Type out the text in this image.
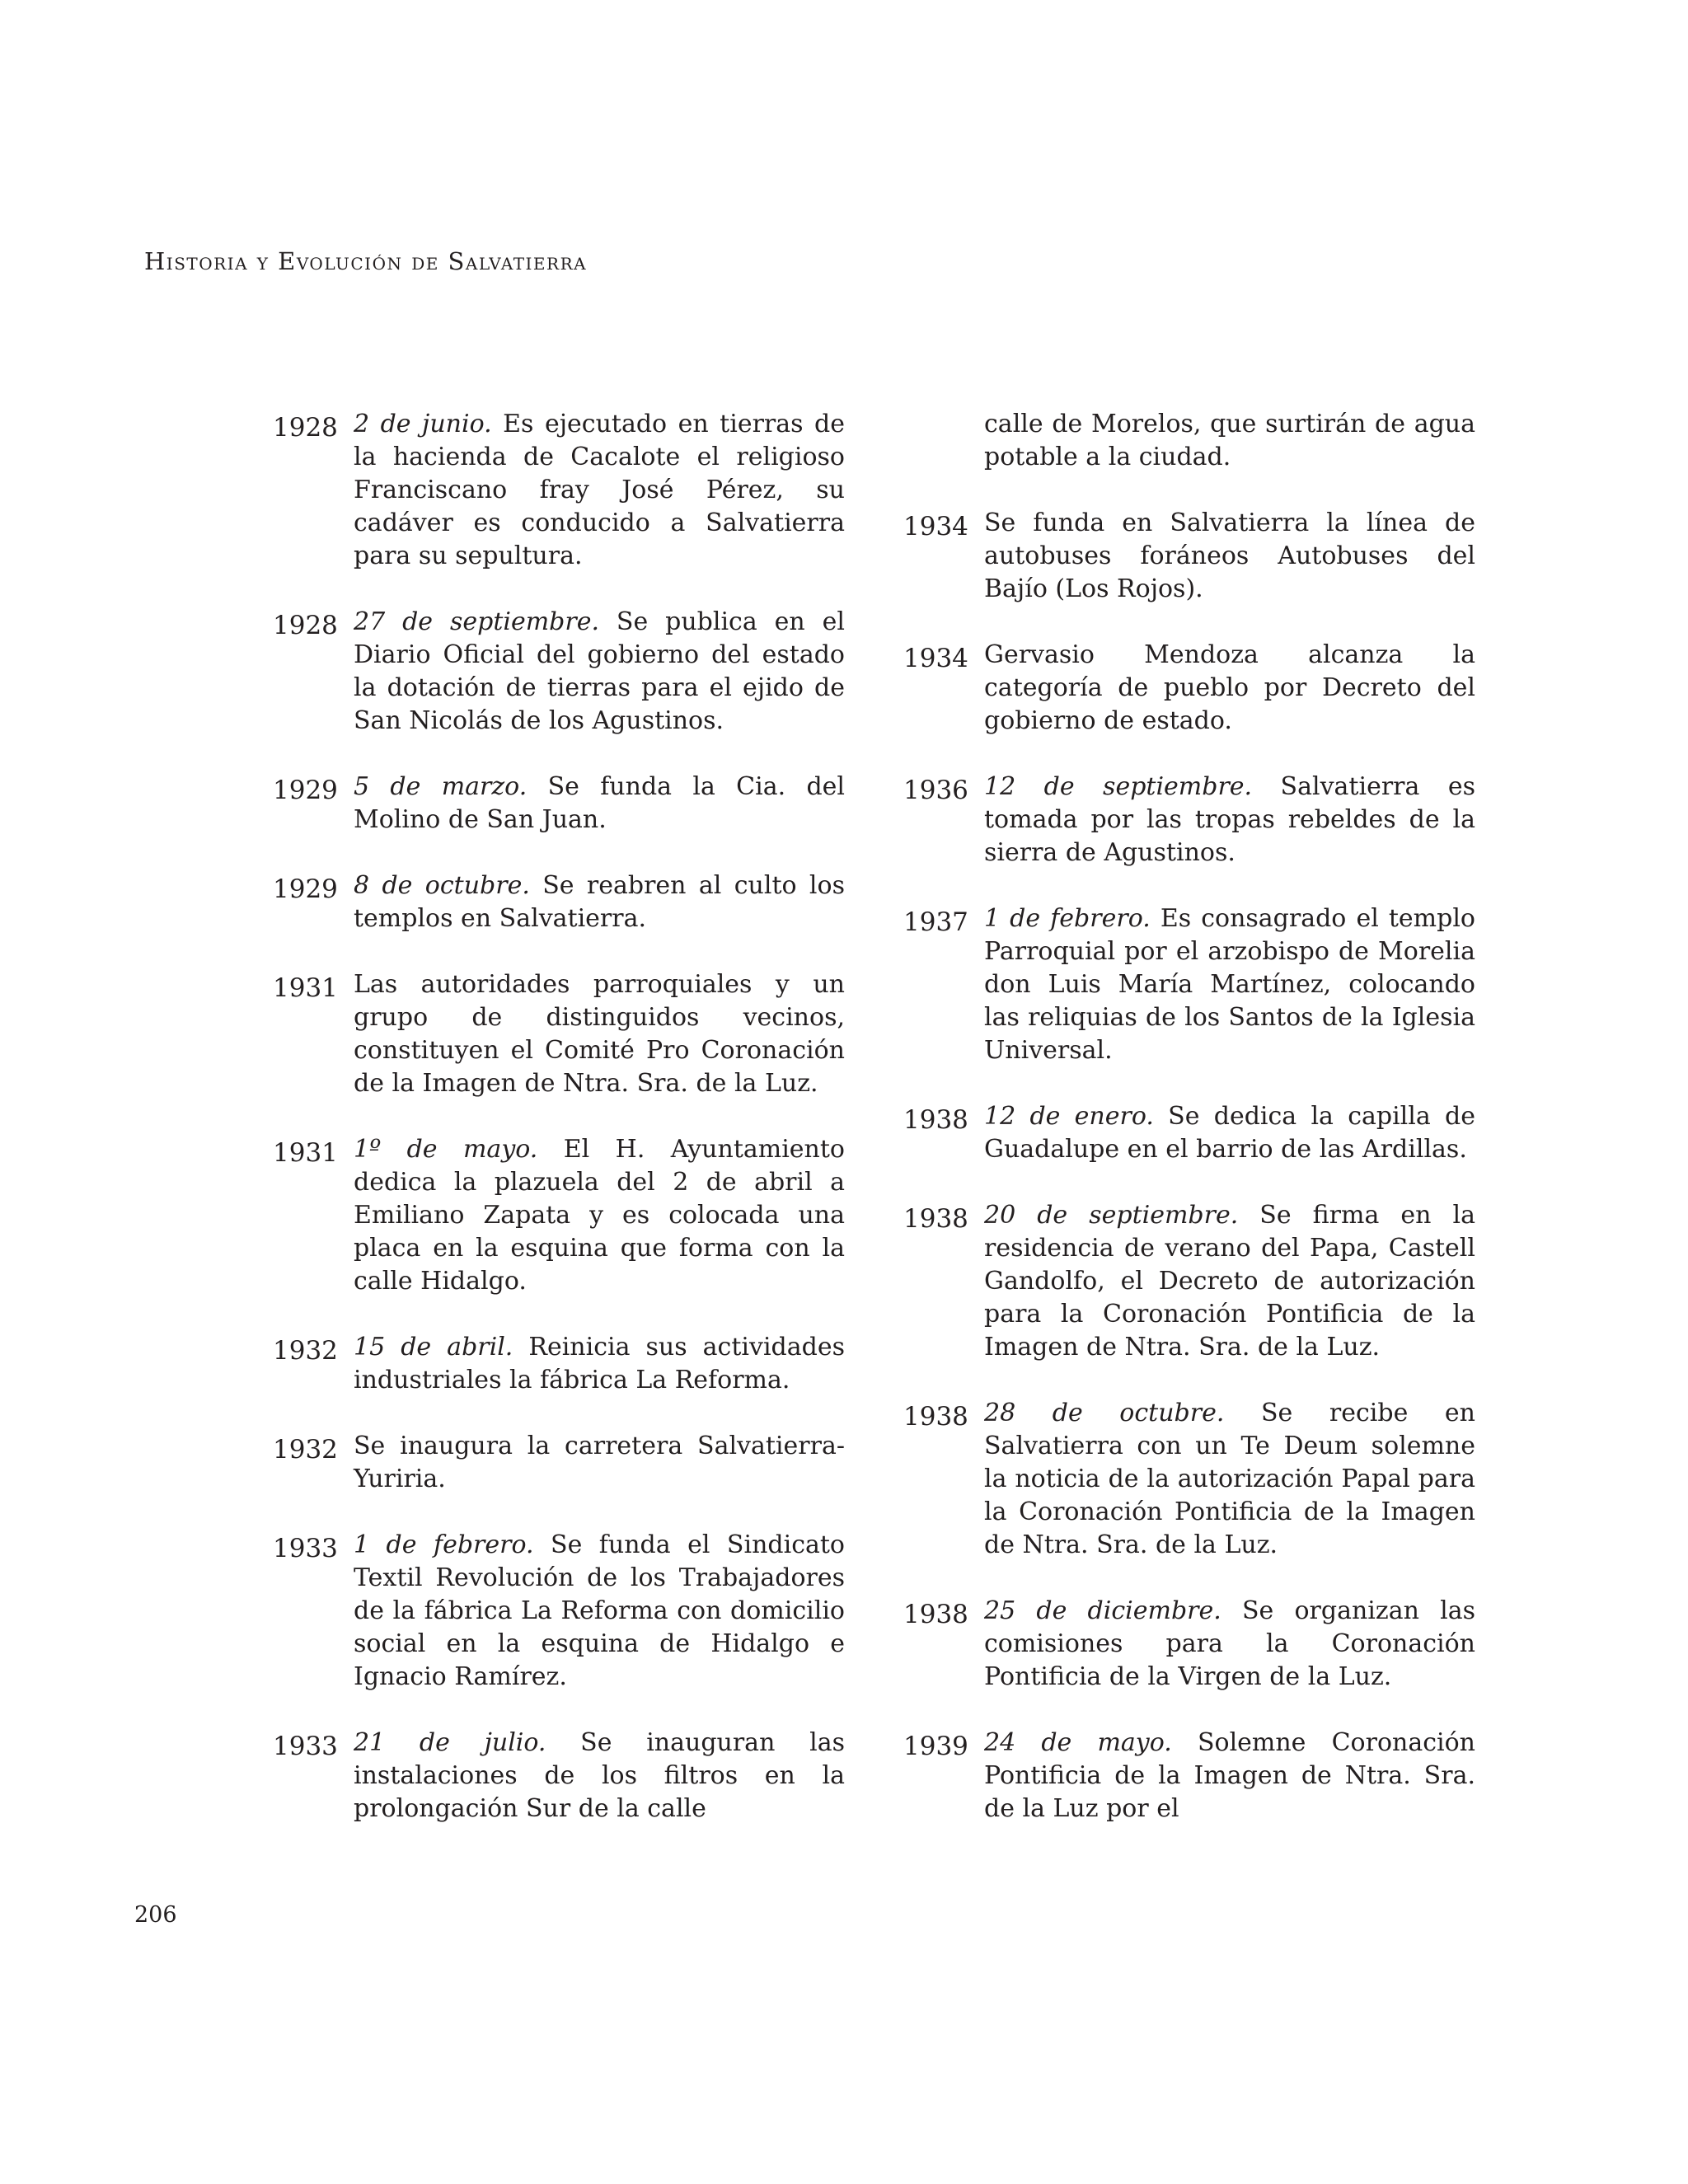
Historia y Evolución de Salvatierra
1928 2 de junio. Es ejecutado en tierras de la hacienda de Cacalote el religioso Franciscano fray José Pérez, su cadáver es conducido a Salvatierra para su sepultura.
1928 27 de septiembre. Se publica en el Diario Oficial del gobierno del estado la dotación de tierras para el ejido de San Nicolás de los Agustinos.
1929 5 de marzo. Se funda la Cia. del Molino de San Juan.
1929 8 de octubre. Se reabren al culto los templos en Salvatierra.
1931 Las autoridades parroquiales y un grupo de distinguidos vecinos, constituyen el Comité Pro Coronación de la Imagen de Ntra. Sra. de la Luz.
1931 1º de mayo. El H. Ayuntamiento dedica la plazuela del 2 de abril a Emiliano Zapata y es colocada una placa en la esquina que forma con la calle Hidalgo.
1932 15 de abril. Reinicia sus actividades industriales la fábrica La Reforma.
1932 Se inaugura la carretera Salvatierra-Yuriria.
1933 1 de febrero. Se funda el Sindicato Textil Revolución de los Trabajadores de la fábrica La Reforma con domicilio social en la esquina de Hidalgo e Ignacio Ramírez.
1933 21 de julio. Se inauguran las instalaciones de los filtros en la prolongación Sur de la calle
calle de Morelos, que surtirán de agua potable a la ciudad.
1934 Se funda en Salvatierra la línea de autobuses foráneos Autobuses del Bajío (Los Rojos).
1934 Gervasio Mendoza alcanza la categoría de pueblo por Decreto del gobierno de estado.
1936 12 de septiembre. Salvatierra es tomada por las tropas rebeldes de la sierra de Agustinos.
1937 1 de febrero. Es consagrado el templo Parroquial por el arzobispo de Morelia don Luis María Martínez, colocando las reliquias de los Santos de la Iglesia Universal.
1938 12 de enero. Se dedica la capilla de Guadalupe en el barrio de las Ardillas.
1938 20 de septiembre. Se firma en la residencia de verano del Papa, Castell Gandolfo, el Decreto de autorización para la Coronación Pontificia de la Imagen de Ntra. Sra. de la Luz.
1938 28 de octubre. Se recibe en Salvatierra con un Te Deum solemne la noticia de la autorización Papal para la Coronación Pontificia de la Imagen de Ntra. Sra. de la Luz.
1938 25 de diciembre. Se organizan las comisiones para la Coronación Pontificia de la Virgen de la Luz.
1939 24 de mayo. Solemne Coronación Pontificia de la Imagen de Ntra. Sra. de la Luz por el
206
